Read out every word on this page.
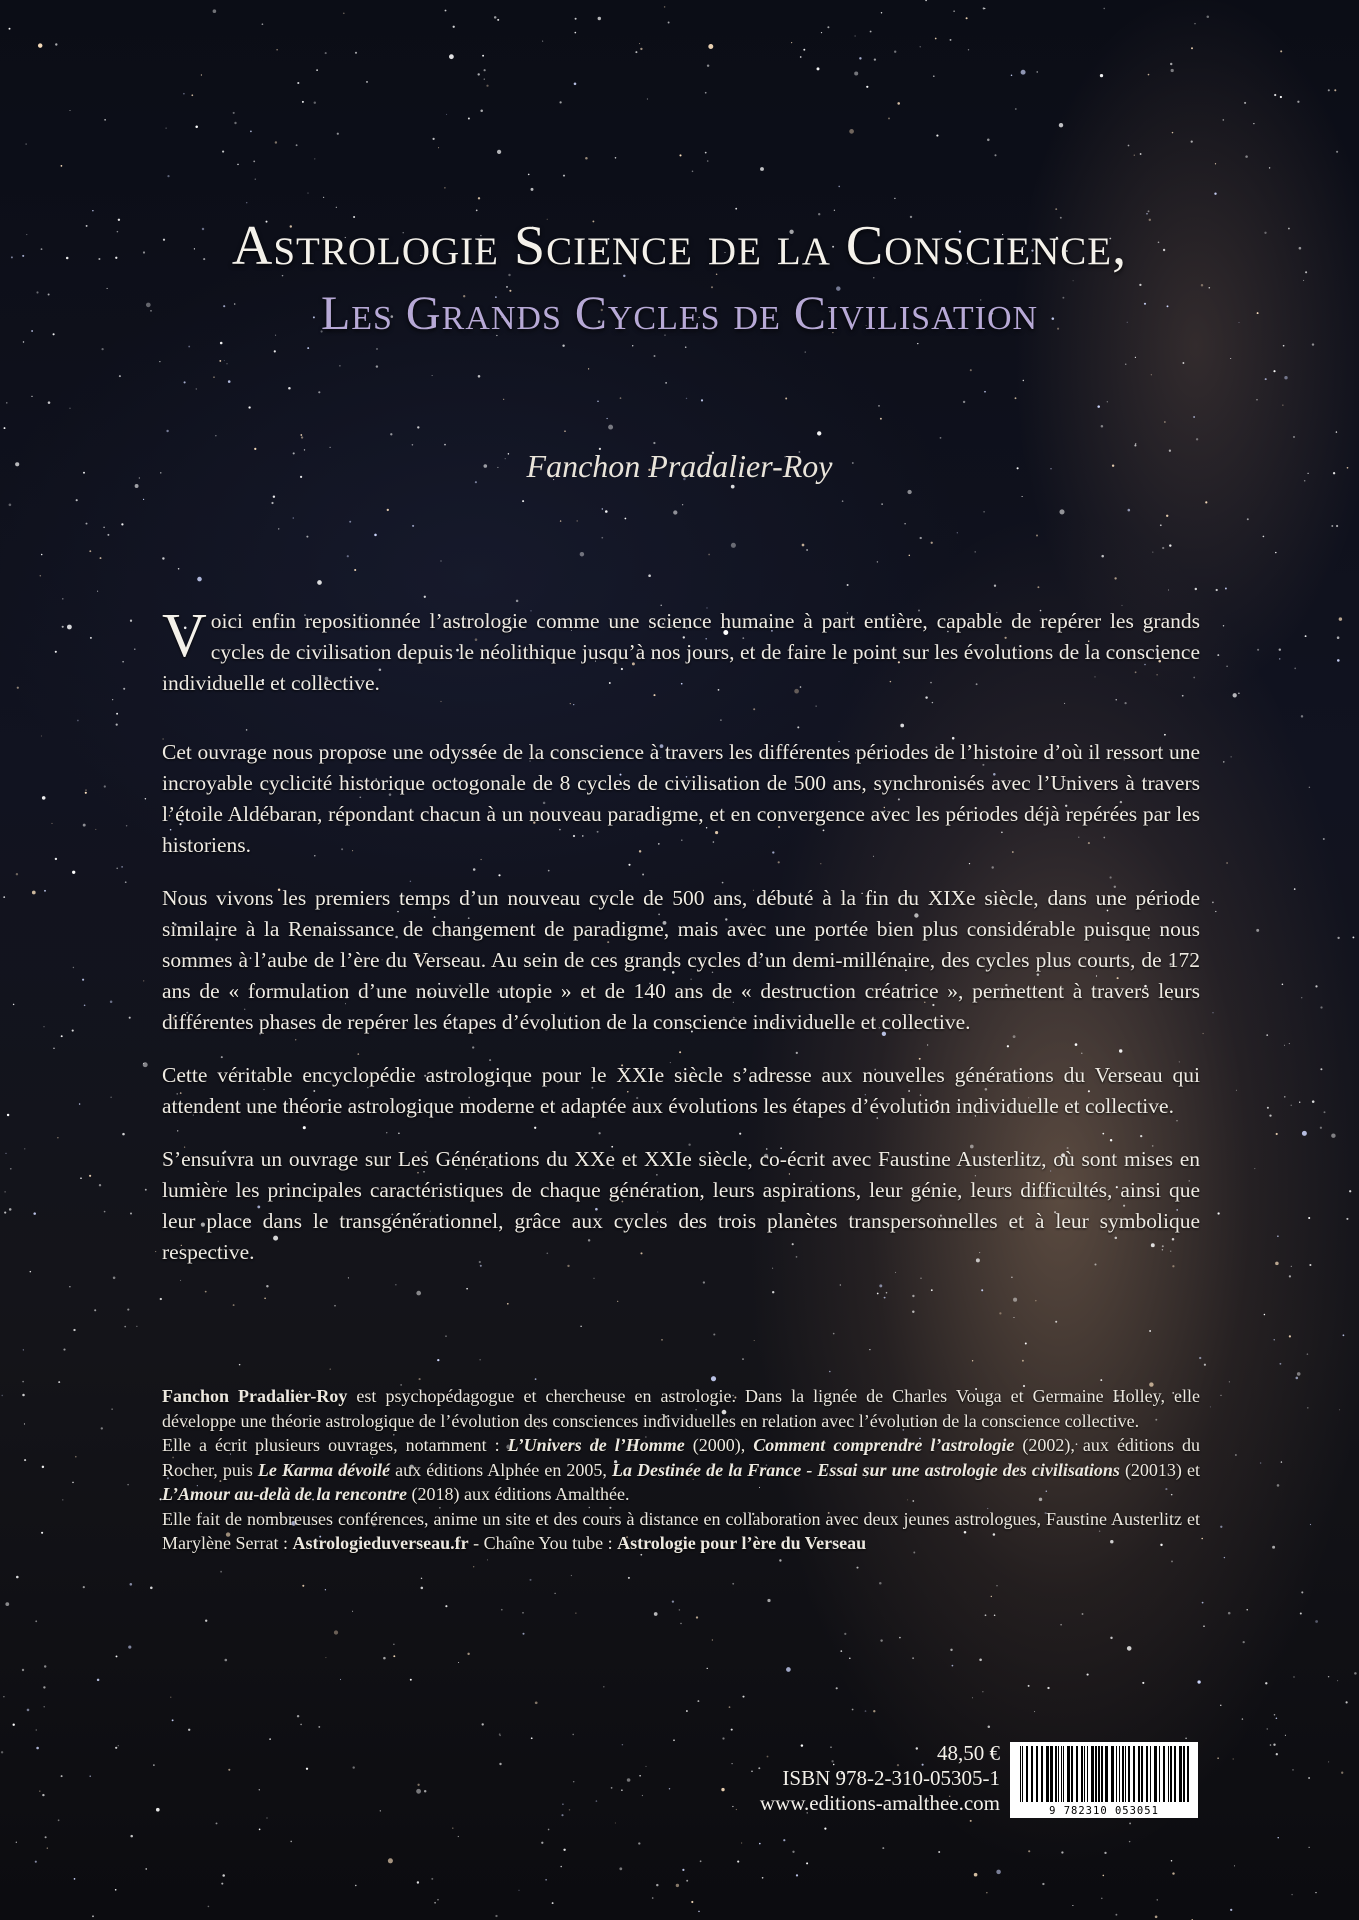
Astrologie Science de la Conscience,
Les Grands Cycles de Civilisation

Fanchon Pradalier-Roy

Voici enfin repositionnée l’astrologie comme une science humaine à part entière, capable de repérer les grands cycles de civilisation depuis le néolithique jusqu’à nos jours, et de faire le point sur les évolutions de la conscience individuelle et collective.

Cet ouvrage nous propose une odyssée de la conscience à travers les différentes périodes de l’histoire d’où il ressort une incroyable cyclicité historique octogonale de 8 cycles de civilisation de 500 ans, synchronisés avec l’Univers à travers l’étoile Aldébaran, répondant chacun à un nouveau paradigme, et en convergence avec les périodes déjà repérées par les historiens.

Nous vivons les premiers temps d’un nouveau cycle de 500 ans, débuté à la fin du XIXe siècle, dans une période similaire à la Renaissance de changement de paradigme, mais avec une portée bien plus considérable puisque nous sommes à l’aube de l’ère du Verseau. Au sein de ces grands cycles d’un demi-millénaire, des cycles plus courts, de 172 ans de « formulation d’une nouvelle utopie » et de 140 ans de « destruction créatrice », permettent à travers leurs différentes phases de repérer les étapes d’évolution de la conscience individuelle et collective.

Cette véritable encyclopédie astrologique pour le XXIe siècle s’adresse aux nouvelles générations du Verseau qui attendent une théorie astrologique moderne et adaptée aux évolutions les étapes d’évolution individuelle et collective.

S’ensuivra un ouvrage sur Les Générations du XXe et XXIe siècle, co-écrit avec Faustine Austerlitz, où sont mises en lumière les principales caractéristiques de chaque génération, leurs aspirations, leur génie, leurs difficultés, ainsi que leur place dans le transgénérationnel, grâce aux cycles des trois planètes transpersonnelles et à leur symbolique respective.

Fanchon Pradalier-Roy est psychopédagogue et chercheuse en astrologie. Dans la lignée de Charles Vouga et Germaine Holley, elle développe une théorie astrologique de l’évolution des consciences individuelles en relation avec l’évolution de la conscience collective.

Elle a écrit plusieurs ouvrages, notamment : L’Univers de l’Homme (2000), Comment comprendre l’astrologie (2002), aux éditions du Rocher, puis Le Karma dévoilé aux éditions Alphée en 2005, La Destinée de la France - Essai sur une astrologie des civilisations (20013) et L’Amour au-delà de la rencontre (2018) aux éditions Amalthée.

Elle fait de nombreuses conférences, anime un site et des cours à distance en collaboration avec deux jeunes astrologues, Faustine Austerlitz et Marylène Serrat : Astrologieduverseau.fr - Chaîne You tube : Astrologie pour l’ère du Verseau

48,50 €
ISBN 978-2-310-05305-1
www.editions-amalthee.com	9 782310 053051
